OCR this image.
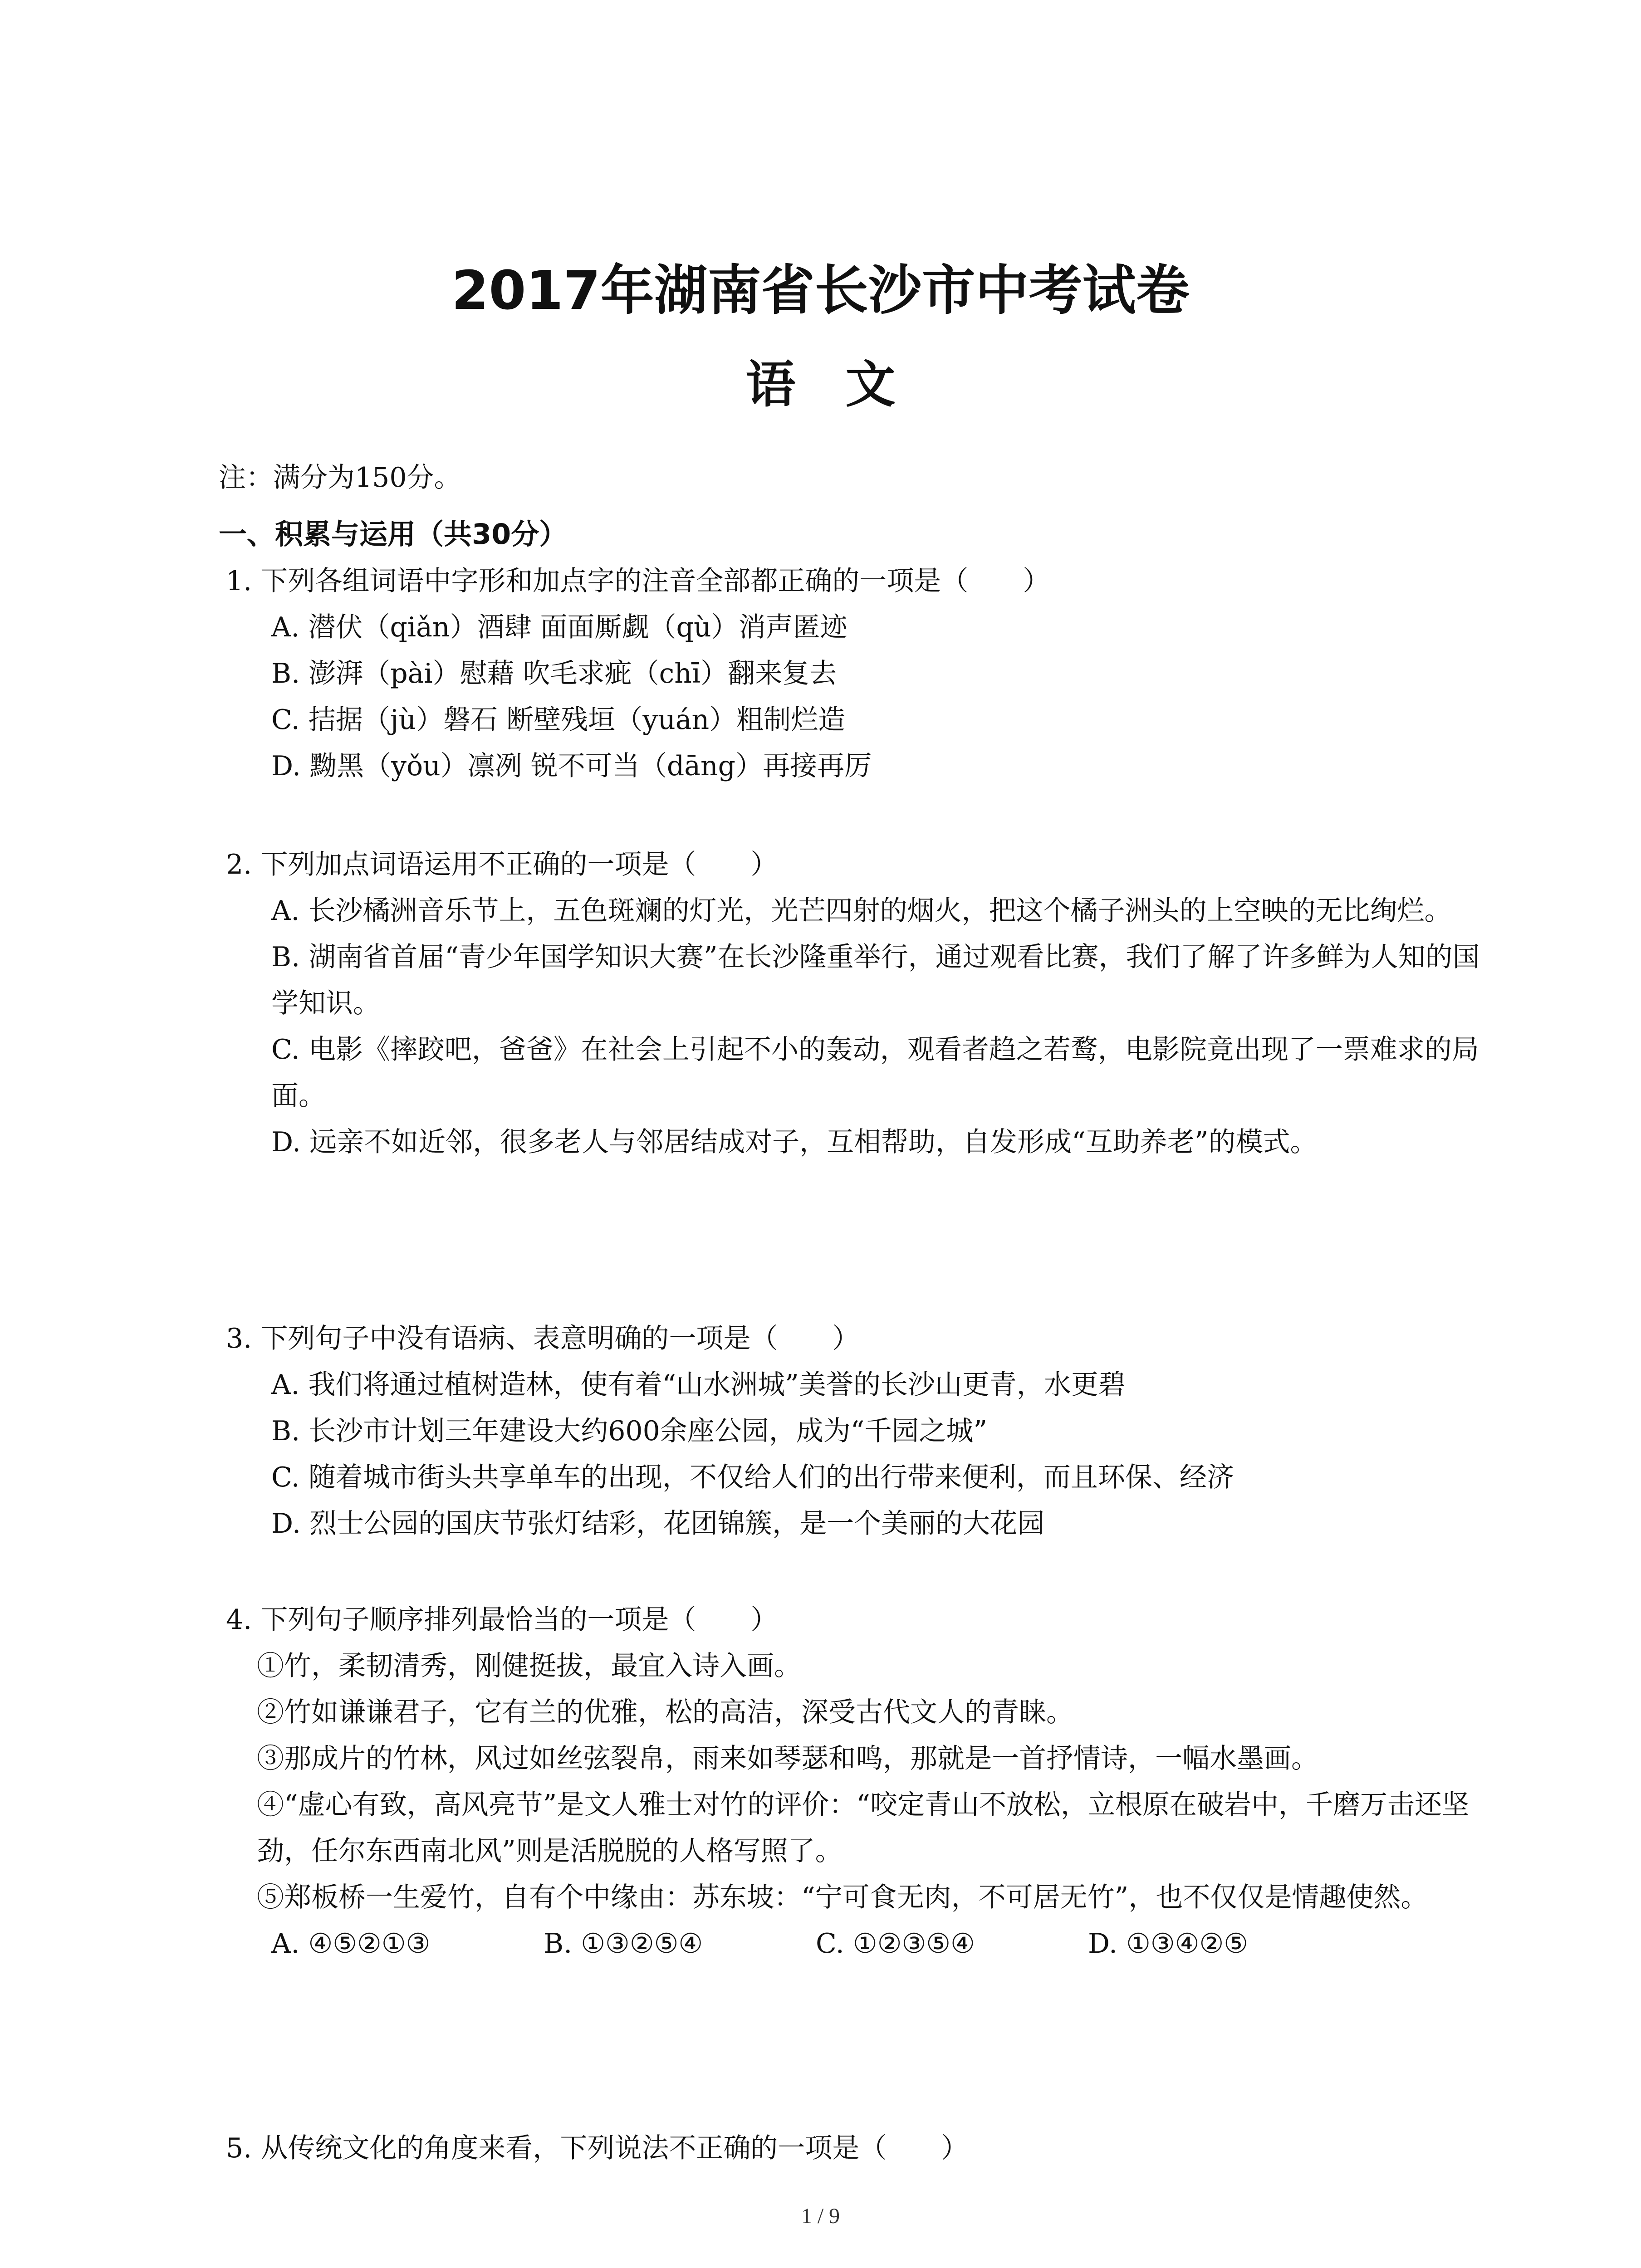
2017年湖南省长沙市中考试卷
语　文

注：满分为150分。

一、积累与运用（共30分）

1. 下列各组词语中字形和加点字的注音全部都正确的一项是（　　）

A. 潜伏（qiǎn）酒肆 面面厮觑（qù）消声匿迹
B. 澎湃（pài）慰藉 吹毛求疵（chī）翻来复去
C. 拮据（jù）磐石 断壁残垣（yuán）粗制烂造
D. 黝黑（yǒu）凛冽 锐不可当（dāng）再接再厉

2. 下列加点词语运用不正确的一项是（　　）

A. 长沙橘洲音乐节上，五色斑斓的灯光，光芒四射的烟火，把这个橘子洲头的上空映的无比绚烂。
B. 湖南省首届“青少年国学知识大赛”在长沙隆重举行，通过观看比赛，我们了解了许多鲜为人知的国学知识。
C. 电影《摔跤吧，爸爸》在社会上引起不小的轰动，观看者趋之若鹜，电影院竟出现了一票难求的局面。
D. 远亲不如近邻，很多老人与邻居结成对子，互相帮助，自发形成“互助养老”的模式。

3. 下列句子中没有语病、表意明确的一项是（　　）

A. 我们将通过植树造林，使有着“山水洲城”美誉的长沙山更青，水更碧
B. 长沙市计划三年建设大约600余座公园，成为“千园之城”
C. 随着城市街头共享单车的出现，不仅给人们的出行带来便利，而且环保、经济
D. 烈士公园的国庆节张灯结彩，花团锦簇，是一个美丽的大花园

4. 下列句子顺序排列最恰当的一项是（　　）

①竹，柔韧清秀，刚健挺拔，最宜入诗入画。

②竹如谦谦君子，它有兰的优雅，松的高洁，深受古代文人的青睐。

③那成片的竹林，风过如丝弦裂帛，雨来如琴瑟和鸣，那就是一首抒情诗，一幅水墨画。

④“虚心有致，高风亮节”是文人雅士对竹的评价：“咬定青山不放松，立根原在破岩中，千磨万击还坚劲，任尔东西南北风”则是活脱脱的人格写照了。

⑤郑板桥一生爱竹，自有个中缘由：苏东坡：“宁可食无肉，不可居无竹”，也不仅仅是情趣使然。

A. ④⑤②①③	B. ①③②⑤④	C. ①②③⑤④	D. ①③④②⑤

5. 从传统文化的角度来看，下列说法不正确的一项是（　　）

1 / 9
